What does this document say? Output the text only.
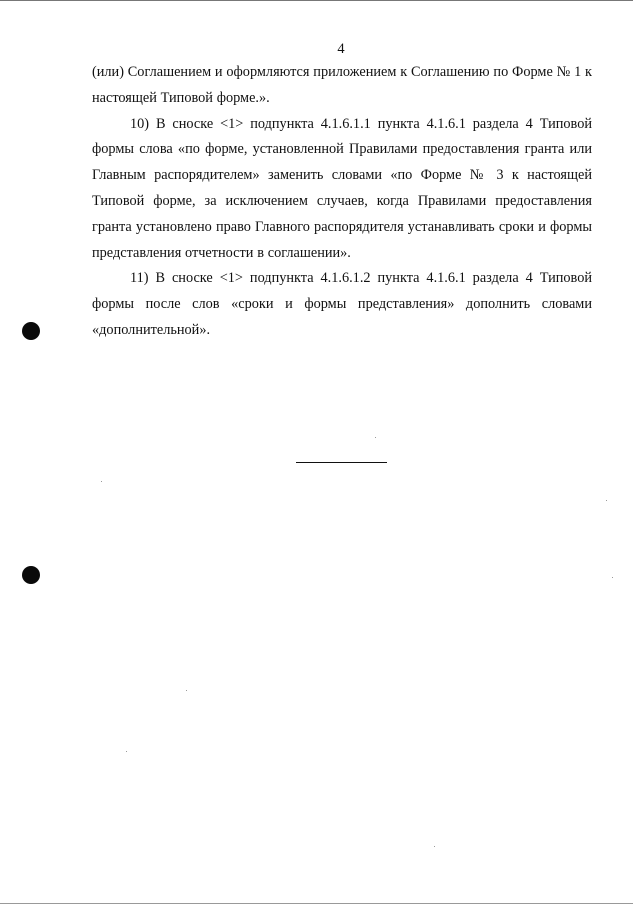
4

(или) Соглашением и оформляются приложением к Соглашению по Форме № 1 к настоящей Типовой форме.».

10) В сноске <1> подпункта 4.1.6.1.1 пункта 4.1.6.1 раздела 4 Типовой формы слова «по форме, установленной Правилами предоставления гранта или Главным распорядителем» заменить словами «по Форме № 3 к настоящей Типовой форме, за исключением случаев, когда Правилами предоставления гранта установлено право Главного распорядителя устанавливать сроки и формы представления отчетности в соглашении».

11) В сноске <1> подпункта 4.1.6.1.2 пункта 4.1.6.1 раздела 4 Типовой формы после слов «сроки и формы представления» дополнить словами «дополнительной».
